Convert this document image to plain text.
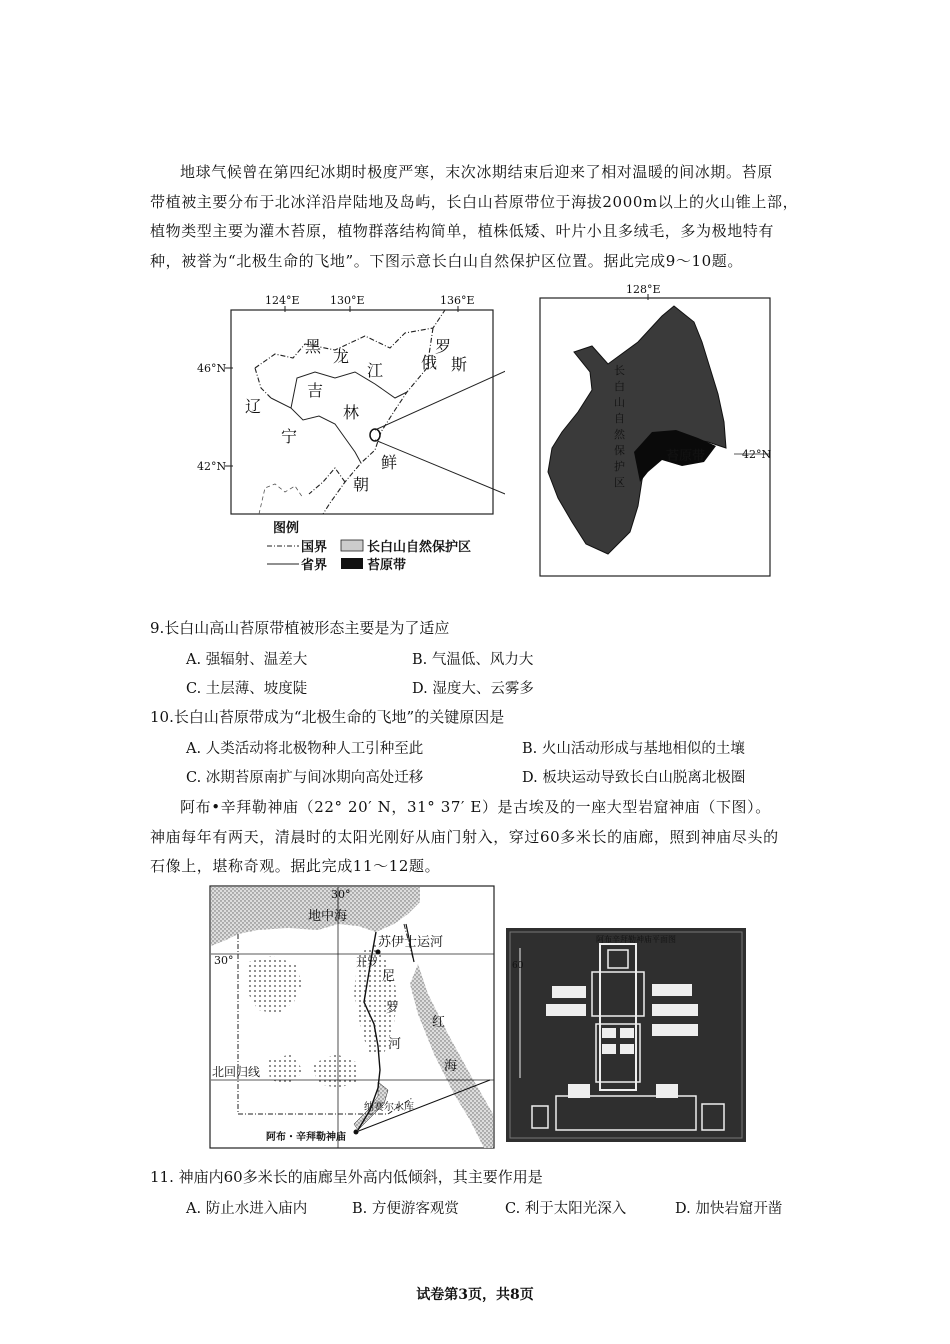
地球气候曾在第四纪冰期时极度严寒，末次冰期结束后迎来了相对温暖的间冰期。苔原

带植被主要分布于北冰洋沿岸陆地及岛屿，长白山苔原带位于海拔2000m以上的火山锥上部，

植物类型主要为灌木苔原，植物群落结构简单，植株低矮、叶片小且多绒毛，多为极地特有

种，被誉为“北极生命的飞地”。下图示意长白山自然保护区位置。据此完成9～10题。

124°E	130°E	136°E
46°N
42°N
黑
龙
江
吉
林
辽
宁
俄
罗
斯
鲜
朝
图例
国界	长白山自然保护区
省界	苔原带
128°E
苔原带	42°N
长白山自然保护区
9.长白山高山苔原带植被形态主要是为了适应
A. 强辐射、温差大	B. 气温低、风力大
C. 土层薄、坡度陡	D. 湿度大、云雾多
10.长白山苔原带成为“北极生命的飞地”的关键原因是
A. 人类活动将北极物种人工引种至此	B. 火山活动形成与基地相似的土壤
C. 冰期苔原南扩与间冰期向高处迁移	D. 板块运动导致长白山脱离北极圈

阿布•辛拜勒神庙（22° 20′ N，31° 37′ E）是古埃及的一座大型岩窟神庙（下图）。

神庙每年有两天，清晨时的太阳光刚好从庙门射入，穿过60多米长的庙廊，照到神庙尽头的

石像上，堪称奇观。据此完成11～12题。

30°
30°
地中海
苏伊士运河
开罗
尼
罗
河
红
海
北回归线
纳赛尔水库
阿布・辛拜勒神庙
阿布辛拜勒神庙平面图
60
11. 神庙内60多米长的庙廊呈外高内低倾斜，其主要作用是
A. 防止水进入庙内	B. 方便游客观赏	C. 利于太阳光深入	D. 加快岩窟开凿
试卷第3页，共8页
